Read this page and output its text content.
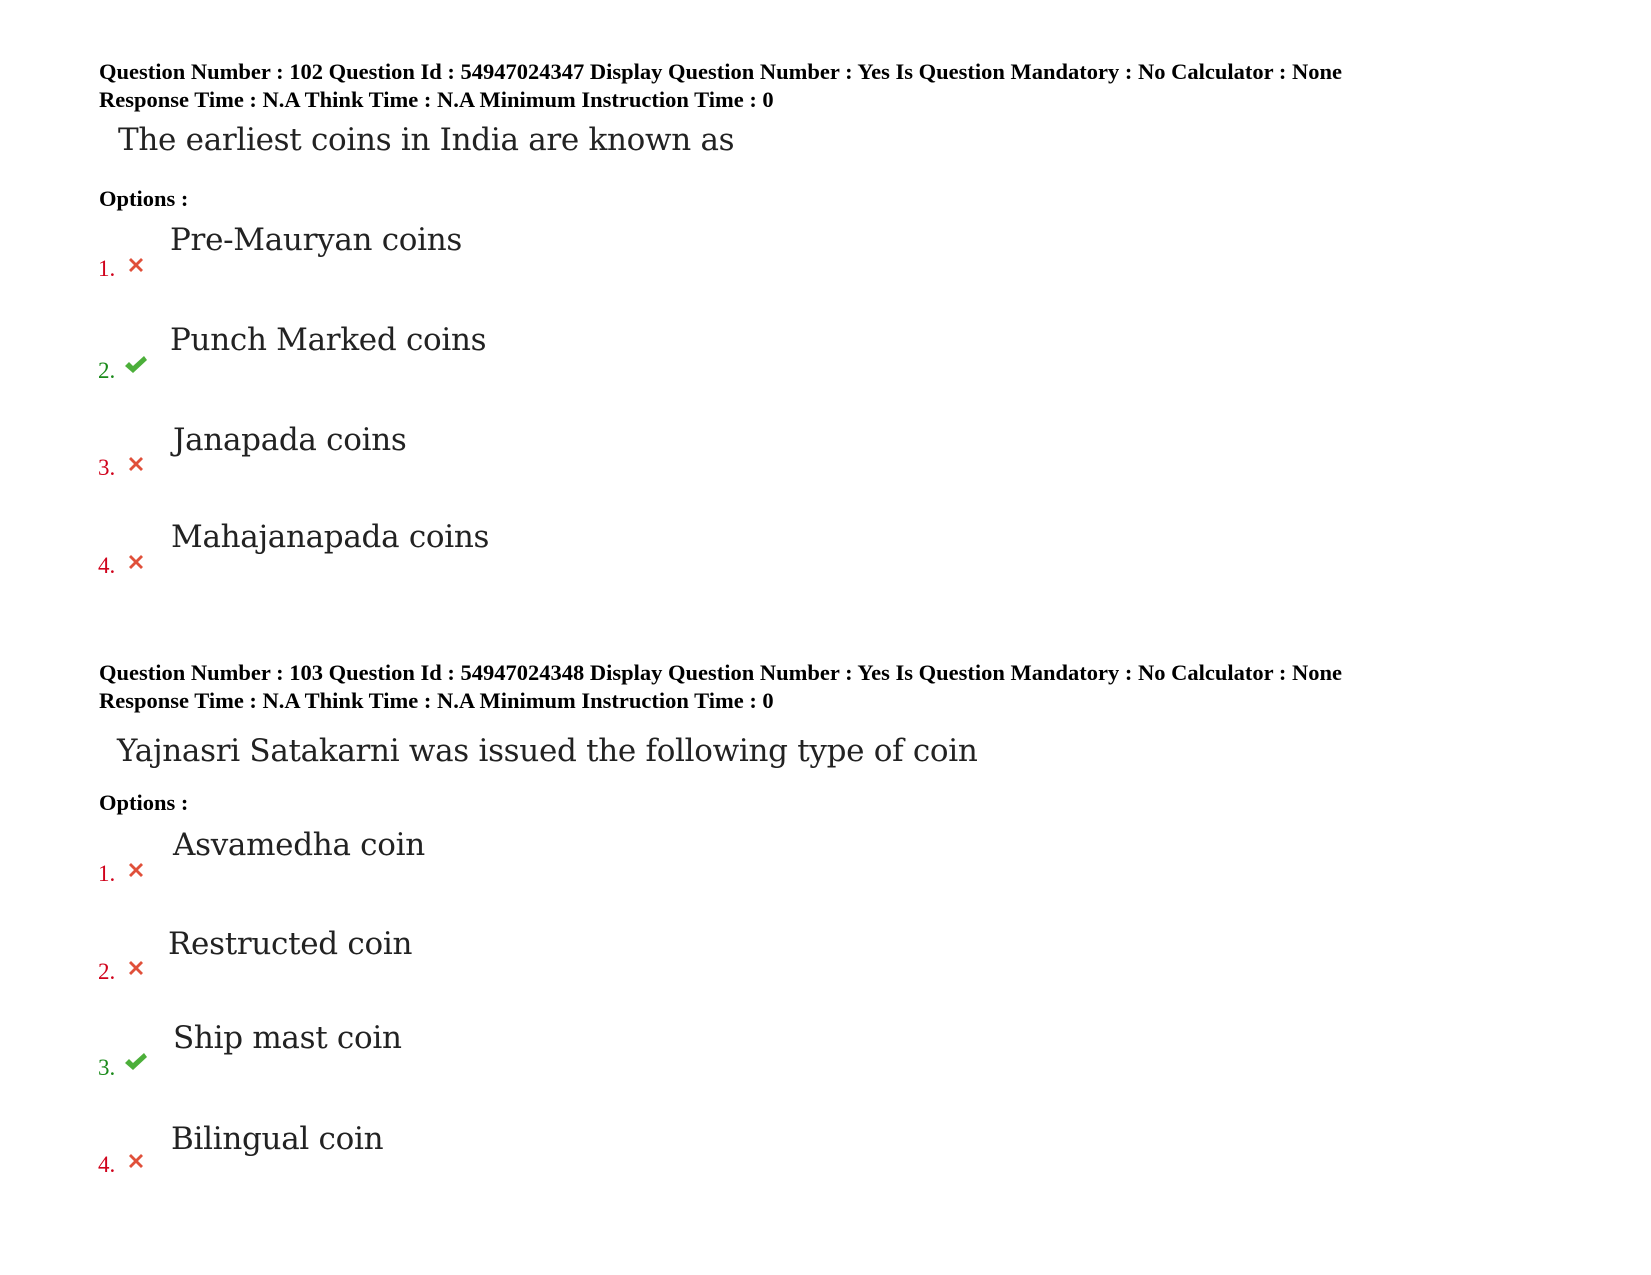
Question Number : 102 Question Id : 54947024347 Display Question Number : Yes Is Question Mandatory : No Calculator : None
Response Time : N.A Think Time : N.A Minimum Instruction Time : 0
The earliest coins in India are known as
Options :
1.
Pre-Mauryan coins
2.
Punch Marked coins
3.
Janapada coins
4.
Mahajanapada coins
Question Number : 103 Question Id : 54947024348 Display Question Number : Yes Is Question Mandatory : No Calculator : None
Response Time : N.A Think Time : N.A Minimum Instruction Time : 0
Yajnasri Satakarni was issued the following type of coin
Options :
1.
Asvamedha coin
2.
Restructed coin
3.
Ship mast coin
4.
Bilingual coin
